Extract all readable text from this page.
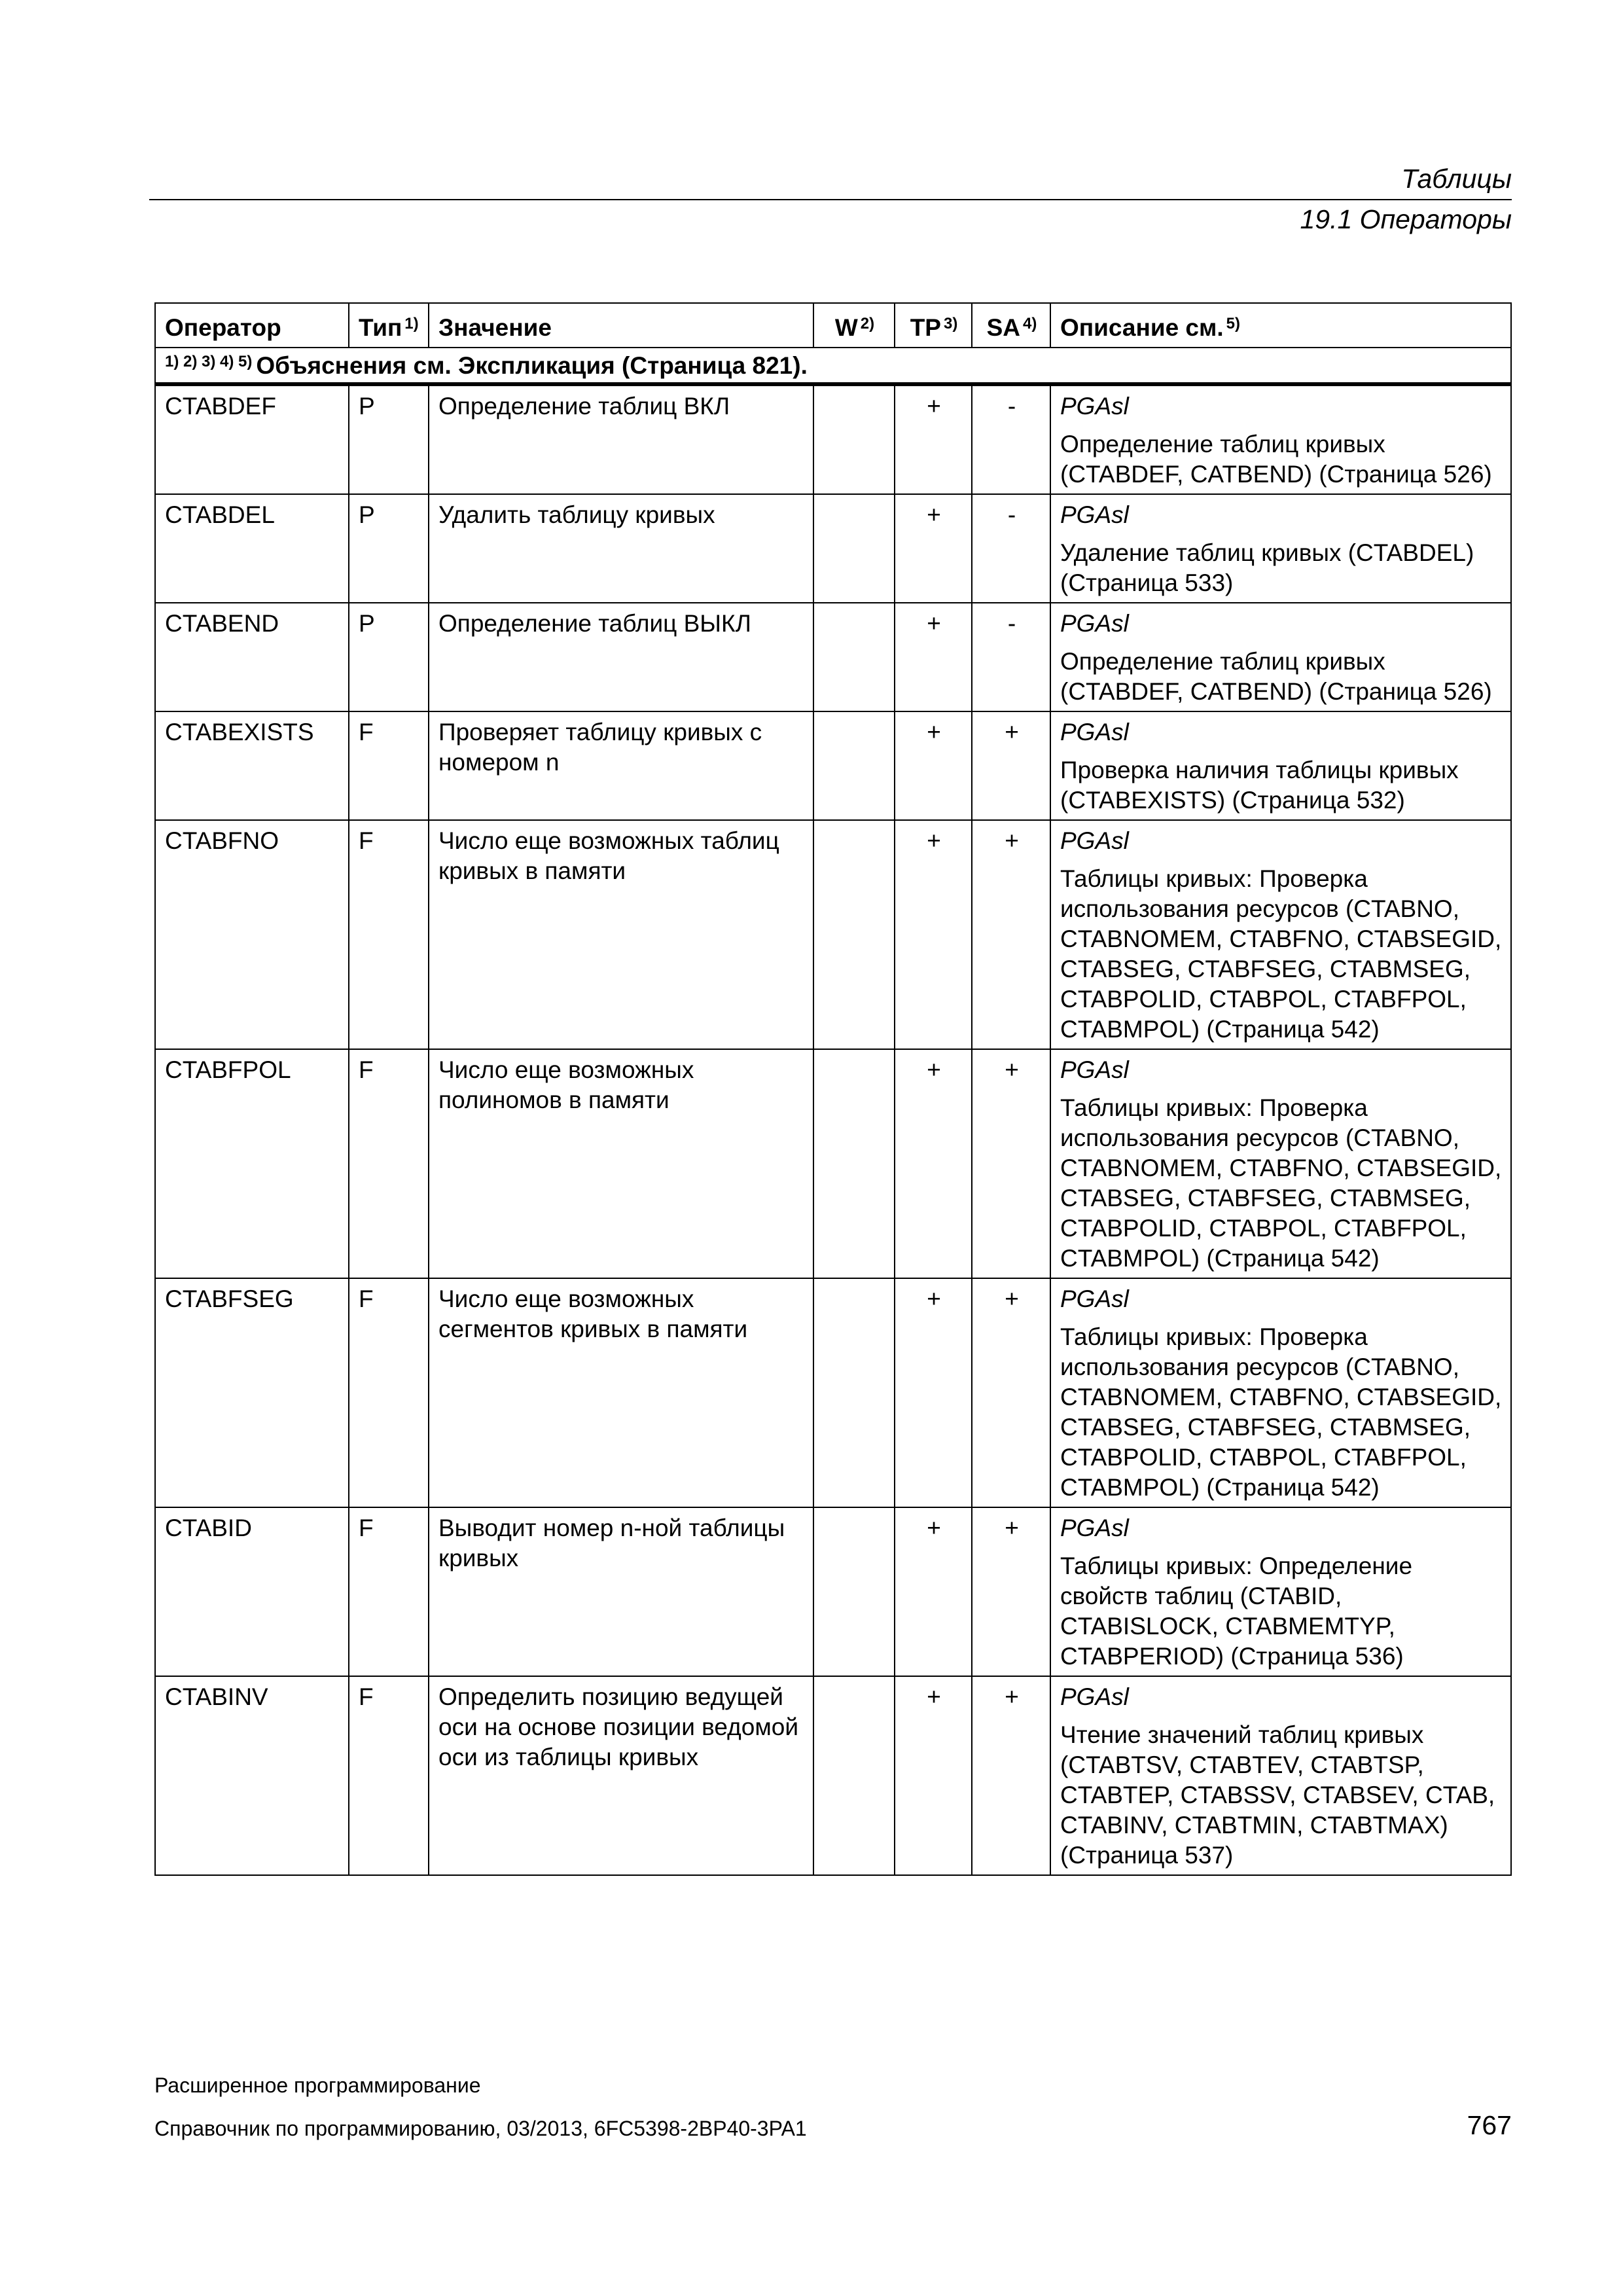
Таблицы
19.1 Операторы
Оператор	Тип $^{1)}$	Значение	W $^{2)}$	TP $^{3)}$	SA $^{4)}$	Описание см. $^{5)}$
$^{1) 2) 3) 4) 5)}$ Объяснения см. Экспликация (Страница 821).						
CTABDEF	P	Определение таблиц ВКЛ		+	-	PGAsl
Определение таблиц кривых (CTABDEF, CATBEND) (Страница 526)

CTABDEL	P	Удалить таблицу кривых		+	-	PGAsl
Удаление таблиц кривых (CTABDEL) (Страница 533)

CTABEND	P	Определение таблиц ВЫКЛ		+	-	PGAsl
Определение таблиц кривых (CTABDEF, CATBEND) (Страница 526)

CTABEXISTS	F	Проверяет таблицу кривых с номером n		+	+	PGAsl
Проверка наличия таблицы кривых (CTABEXISTS) (Страница 532)

CTABFNO	F	Число еще возможных таблиц кривых в памяти		+	+	PGAsl
Таблицы кривых: Проверка использования ресурсов (CTABNO, CTABNOMEM, CTABFNO, CTABSEGID, CTABSEG, CTABFSEG, CTABMSEG, CTABPOLID, CTABPOL, CTABFPOL, CTABMPOL) (Страница 542)

CTABFPOL	F	Число еще возможных полиномов в памяти		+	+	PGAsl
Таблицы кривых: Проверка использования ресурсов (CTABNO, CTABNOMEM, CTABFNO, CTABSEGID, CTABSEG, CTABFSEG, CTABMSEG, CTABPOLID, CTABPOL, CTABFPOL, CTABMPOL) (Страница 542)

CTABFSEG	F	Число еще возможных сегментов кривых в памяти		+	+	PGAsl
Таблицы кривых: Проверка использования ресурсов (CTABNO, CTABNOMEM, CTABFNO, CTABSEGID, CTABSEG, CTABFSEG, CTABMSEG, CTABPOLID, CTABPOL, CTABFPOL, CTABMPOL) (Страница 542)

CTABID	F	Выводит номер n-ной таблицы кривых		+	+	PGAsl
Таблицы кривых: Определение свойств таблиц (CTABID, CTABISLOCK, CTABMEMTYP, CTABPERIOD) (Страница 536)

CTABINV	F	Определить позицию ведущей оси на основе позиции ведомой оси из таблицы кривых		+	+	PGAsl
Чтение значений таблиц кривых (CTABTSV, CTABTEV, CTABTSP, CTABTEP, CTABSSV, CTABSEV, CTAB, CTABINV, CTABTMIN, CTABTMAX) (Страница 537)
Расширенное программирование
Справочник по программированию, 03/2013, 6FC5398-2BP40-3PA1	767
